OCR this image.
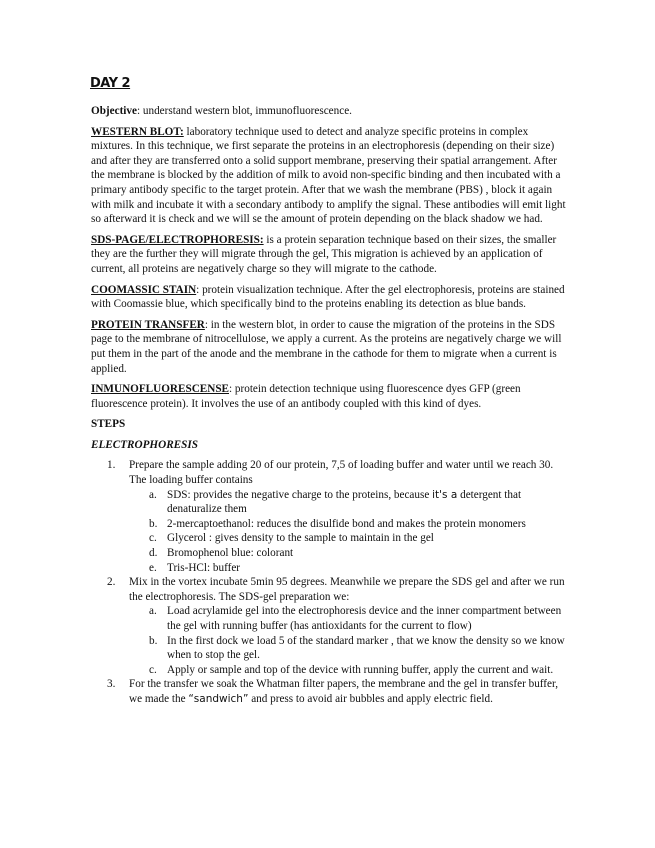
DAY 2

Objective: understand western blot, immunofluorescence.

WESTERN BLOT: laboratory technique used to detect and analyze specific proteins in complex mixtures. In this technique, we first separate the proteins in an electrophoresis (depending on their size) and after they are transferred onto a solid support membrane, preserving their spatial arrangement. After the membrane is blocked by the addition of milk to avoid non-specific binding and then incubated with a primary antibody specific to the target protein. After that we wash the membrane (PBS) , block it again with milk and incubate it with a secondary antibody to amplify the signal. These antibodies will emit light so afterward it is check and we will se the amount of protein depending on the black shadow we had.

SDS-PAGE/ELECTROPHORESIS: is a protein separation technique based on their sizes, the smaller they are the further they will migrate through the gel, This migration is achieved by an application of current, all proteins are negatively charge so they will migrate to the cathode.

COOMASSIC STAIN: protein visualization technique. After the gel electrophoresis, proteins are stained with Coomassie blue, which specifically bind to the proteins enabling its detection as blue bands.

PROTEIN TRANSFER: in the western blot, in order to cause the migration of the proteins in the SDS page to the membrane of nitrocellulose, we apply a current. As the proteins are negatively charge we will put them in the part of the anode and the membrane in the cathode for them to migrate when a current is applied.

INMUNOFLUORESCENSE: protein detection technique using fluorescence dyes GFP (green fluorescence protein). It involves the use of an antibody coupled with this kind of dyes.

STEPS
ELECTROPHORESIS
1. Prepare the sample adding 20 of our protein, 7,5 of loading buffer and water until we reach 30. The loading buffer contains
a. SDS: provides the negative charge to the proteins, because it's a detergent that denaturalize them
b. 2-mercaptoethanol: reduces the disulfide bond and makes the protein monomers
c. Glycerol : gives density to the sample to maintain in the gel
d. Bromophenol blue: colorant
e. Tris-HCl: buffer
2. Mix in the vortex incubate 5min 95 degrees. Meanwhile we prepare the SDS gel and after we run the electrophoresis. The SDS-gel preparation we:
a. Load acrylamide gel into the electrophoresis device and the inner compartment between the gel with running buffer (has antioxidants for the current to flow)
b. In the first dock we load 5 of the standard marker , that we know the density so we know when to stop the gel.
c. Apply or sample and top of the device with running buffer, apply the current and wait.
3. For the transfer we soak the Whatman filter papers, the membrane and the gel in transfer buffer, we made the “sandwich” and press to avoid air bubbles and apply electric field.
